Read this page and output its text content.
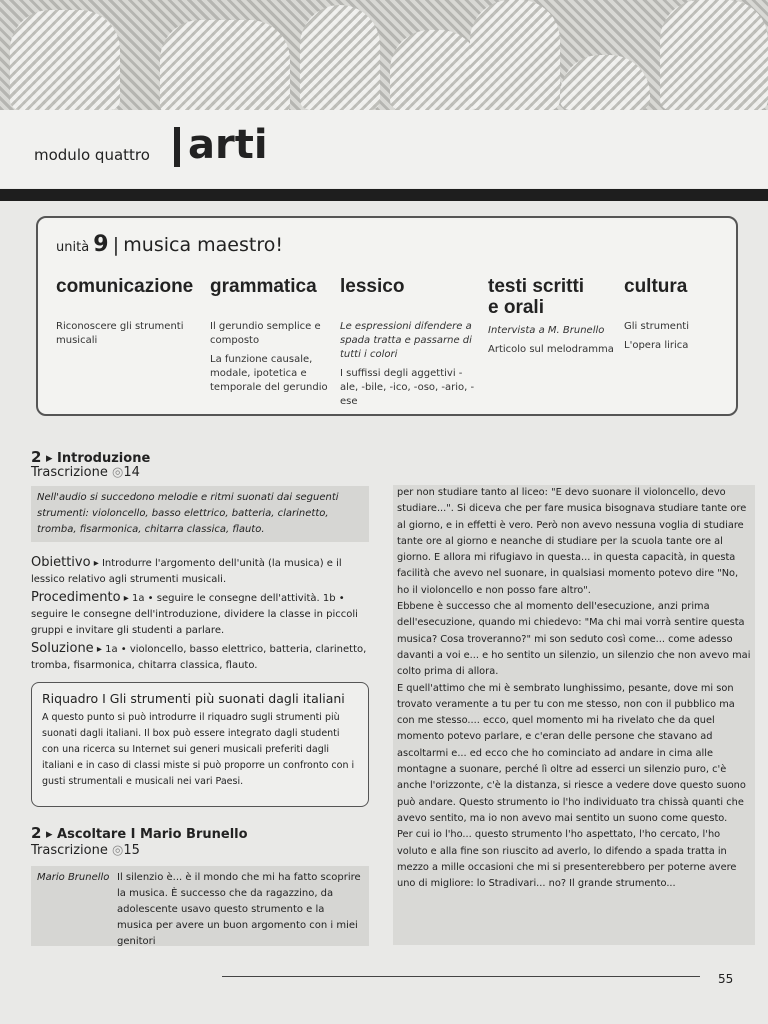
modulo quattro arti
unità 9 | musica maestro!
comunicazione grammatica lessico	testi scritti
e orali
cultura

Riconoscere gli strumenti musicali

Il gerundio semplice e composto

La funzione causale, modale, ipotetica e temporale del gerundio

Le espressioni difendere a spada tratta e passarne di tutti i colori

I suffissi degli aggettivi -ale, -bile, -ico, -oso, -ario, -ese

Intervista a M. Brunello

Articolo sul melodramma

Gli strumenti

L'opera lirica

2 ▸ Introduzione
Trascrizione ◎14
Nell'audio si succedono melodie e ritmi suonati dai seguenti strumenti: violoncello, basso elettrico, batteria, clarinetto, tromba, fisarmonica, chitarra classica, flauto.
Obiettivo ▸ Introdurre l'argomento dell'unità (la musica) e il lessico relativo agli strumenti musicali.
Procedimento ▸ 1a • seguire le consegne dell'attività. 1b • seguire le consegne dell'introduzione, dividere la classe in piccoli gruppi e invitare gli studenti a parlare.
Soluzione ▸ 1a • violoncello, basso elettrico, batteria, clarinetto, tromba, fisarmonica, chitarra classica, flauto.
Riquadro I Gli strumenti più suonati dagli italiani
A questo punto si può introdurre il riquadro sugli strumenti più suonati dagli italiani. Il box può essere integrato dagli studenti con una ricerca su Internet sui generi musicali preferiti dagli italiani e in caso di classi miste si può proporre un confronto con i gusti strumentali e musicali nei vari Paesi.
2 ▸ Ascoltare I Mario Brunello
Trascrizione ◎15
Mario Brunello Il silenzio è... è il mondo che mi ha fatto scoprire la musica. È successo che da ragazzino, da adolescente usavo questo strumento e la musica per avere un buon argomento con i miei genitori

per non studiare tanto al liceo: "E devo suonare il violoncello, devo studiare...". Si diceva che per fare musica bisognava studiare tante ore al giorno, e in effetti è vero. Però non avevo nessuna voglia di studiare tante ore al giorno e neanche di studiare per la scuola tante ore al giorno. E allora mi rifugiavo in questa... in questa capacità, in questa facilità che avevo nel suonare, in qualsiasi momento potevo dire "No, ho il violoncello e non posso fare altro".

Ebbene è successo che al momento dell'esecuzione, anzi prima dell'esecuzione, quando mi chiedevo: "Ma chi mai vorrà sentire questa musica? Cosa troveranno?" mi son seduto così come... come adesso davanti a voi e... e ho sentito un silenzio, un silenzio che non avevo mai colto prima di allora.

E quell'attimo che mi è sembrato lunghissimo, pesante, dove mi son trovato veramente a tu per tu con me stesso, non con il pubblico ma con me stesso.... ecco, quel momento mi ha rivelato che da quel momento potevo parlare, e c'eran delle persone che stavano ad ascoltarmi e... ed ecco che ho cominciato ad andare in cima alle montagne a suonare, perché lì oltre ad esserci un silenzio puro, c'è anche l'orizzonte, c'è la distanza, si riesce a vedere dove questo suono può andare. Questo strumento io l'ho individuato tra chissà quanti che avevo sentito, ma io non avevo mai sentito un suono come questo.

Per cui io l'ho... questo strumento l'ho aspettato, l'ho cercato, l'ho voluto e alla fine son riuscito ad averlo, lo difendo a spada tratta in mezzo a mille occasioni che mi si presenterebbero per poterne avere uno di migliore: lo Stradivari... no? Il grande strumento...

55
